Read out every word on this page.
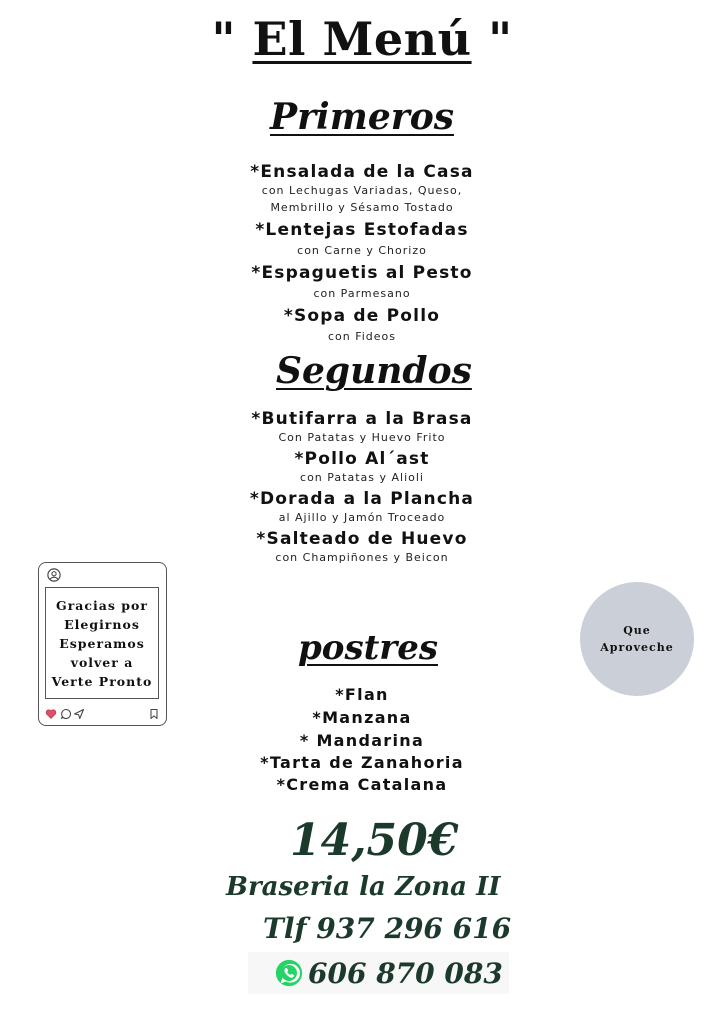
" El Menú "
Primeros
*Ensalada de la Casa
con Lechugas Variadas, Queso,
Membrillo y Sésamo Tostado
*Lentejas Estofadas
con Carne y Chorizo
*Espaguetis al Pesto
con Parmesano
*Sopa de Pollo
con Fideos
Segundos
*Butifarra a la Brasa
Con Patatas y Huevo Frito
*Pollo Al´ast
con Patatas y Alioli
*Dorada a la Plancha
al Ajillo y Jamón Troceado
*Salteado de Huevo
con Champiñones y Beicon
postres
*Flan
*Manzana
* Mandarina
*Tarta de Zanahoria
*Crema Catalana
14,50€
Braseria la Zona II
Tlf 937 296 616
606 870 083
Gracias por
Elegirnos
Esperamos
volver a
Verte Pronto
Que
Aproveche
